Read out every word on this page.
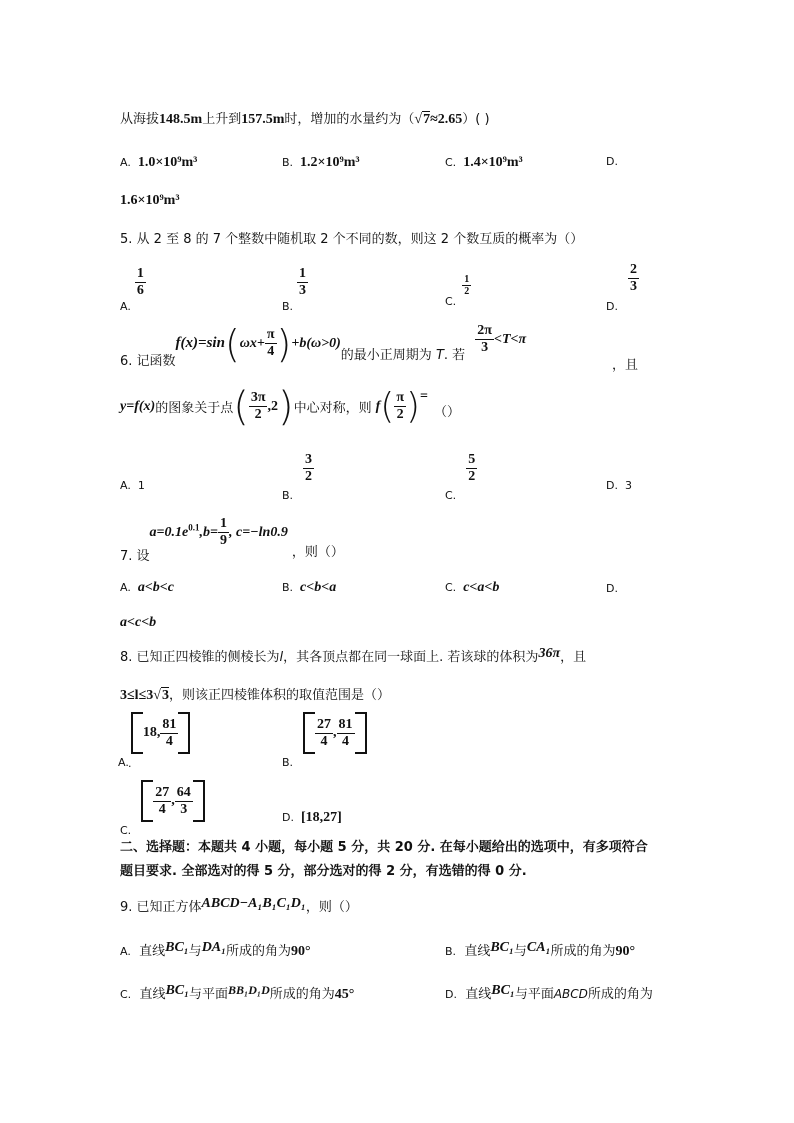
从海拔148.5m上升到157.5m时，增加的水量约为（√7≈2.65）( )
A. 1.0×10⁹m³	B. 1.2×10⁹m³	C. 1.4×10⁹m³	D.
1.6×10⁹m³
5. 从 2 至 8 的 7 个整数中随机取 2 个不同的数，则这 2 个数互质的概率为（）
A.
$\frac{1}{6}$
B.
$\frac{1}{3}$
C.
$\frac{1}{2}$
D.
$\frac{2}{3}$
6. 记函数$f(x)=\sin(\omega x+ \frac{\pi}{4} )+b(\omega>0)$的最小正周期为 T. 若 $\frac{2\pi}{3} <T<\pi$
，且
y=f(x)的图象关于点( $\frac{3\pi}{2} ,2$)中心对称，则 $f( \frac{\pi}{2}$ )=（）
A. 1
B.
$\frac{3}{2}$
C.
$\frac{5}{2}$
D. 3
7. 设$a=0.1e^{0.1},b= \frac{1}{9}$ , c=−ln0.9，则（）
A. a<b<c	B. c<b<a	C. c<a<b	D.
a<c<b
8. 已知正四棱锥的侧棱长为l，其各顶点都在同一球面上. 若该球的体积为36π，且
3≤l≤3√3，则该正四棱锥体积的取值范围是（）
A.18, $\frac{81}{4}$
.	B.
$\frac{27}{4}$ , $\frac{81}{4}$
C.
$\frac{27}{4}$ , $\frac{64}{3}$	D. [18,27]
二、选择题：本题共 4 小题，每小题 5 分，共 20 分. 在每小题给出的选项中，有多项符合
题目要求. 全部选对的得 5 分，部分选对的得 2 分，有选错的得 0 分.
9. 已知正方体ABCD−A₁B₁C₁D₁，则（）
A. 直线BC₁与DA₁所成的角为90°	B. 直线BC₁与CA₁所成的角为90°
C. 直线BC₁与平面BB₁D₁D所成的角为45°	D. 直线BC₁与平面ABCD所成的角为
